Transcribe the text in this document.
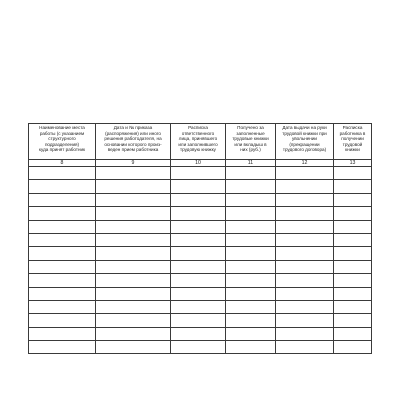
Наименование места
работы (с указанием
структурного
подразделения)
куда принят работник	Дата и № приказа
(распоряжения) или иного
решения работодателя, на
основании которого произ-
веден прием работника	Расписка
ответственного
лица, принявшего
или заполнившего
трудовую книжку	Получено за
заполненные
трудовые книжки
или вкладыш в
них (руб.)	Дата выдачи на руки
трудовой книжки при
увольнении
(прекращении
трудового договора)	Расписка
работника в
получении
трудовой
книжки
8	9	10	11	12	13
